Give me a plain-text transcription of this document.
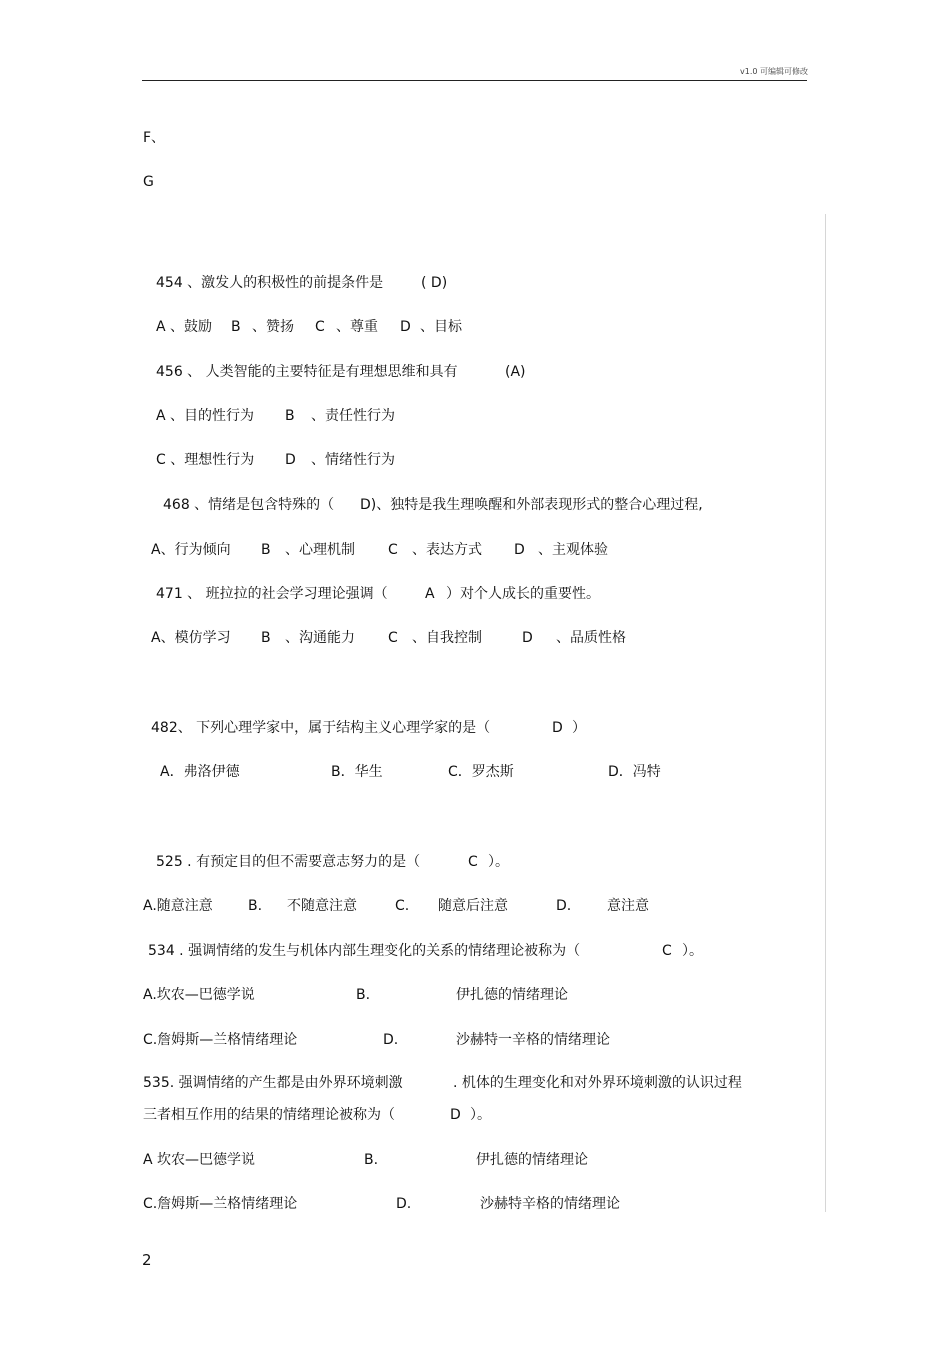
v1.0 可编辑可修改
F、
G
454 、激发人的积极性的前提条件是	( D)
A 、鼓励 B 、赞扬 C 、尊重 D 、目标
456 、 人类智能的主要特征是有理想思维和具有	(A)
A 、目的性行为 B 、责任性行为
C 、理想性行为 D 、情绪性行为
468 、情绪是包含特殊的（ D)、独特是我生理唤醒和外部表现形式的整合心理过程,
A、行为倾向 B 、心理机制 C 、表达方式 D 、主观体验
471 、 班拉拉的社会学习理论强调（	A ）对个人成长的重要性。
A、模仿学习 B 、沟通能力 C 、自我控制	D 、品质性格
482、 下列心理学家中，属于结构主义心理学家的是（	D ）
A．弗洛伊德	B．华生	C．罗杰斯	D．冯特
525 . 有预定目的但不需要意志努力的是（	C ）。
A.随意注意	B. 不随意注意	C. 随意后注意	D.	意注意
534 . 强调情绪的发生与机体内部生理变化的关系的情绪理论被称为（	C ）。
A.坎农—巴德学说	B.	伊扎德的情绪理论
C.詹姆斯—兰格情绪理论	D.	沙赫特一辛格的情绪理论
535. 强调情绪的产生都是由外界环境刺激	. 机体的生理变化和对外界环境刺激的认识过程
三者相互作用的结果的情绪理论被称为（	D ）。
A 坎农—巴德学说	B.	伊扎德的情绪理论
C.詹姆斯—兰格情绪理论	D.	沙赫特辛格的情绪理论
2
